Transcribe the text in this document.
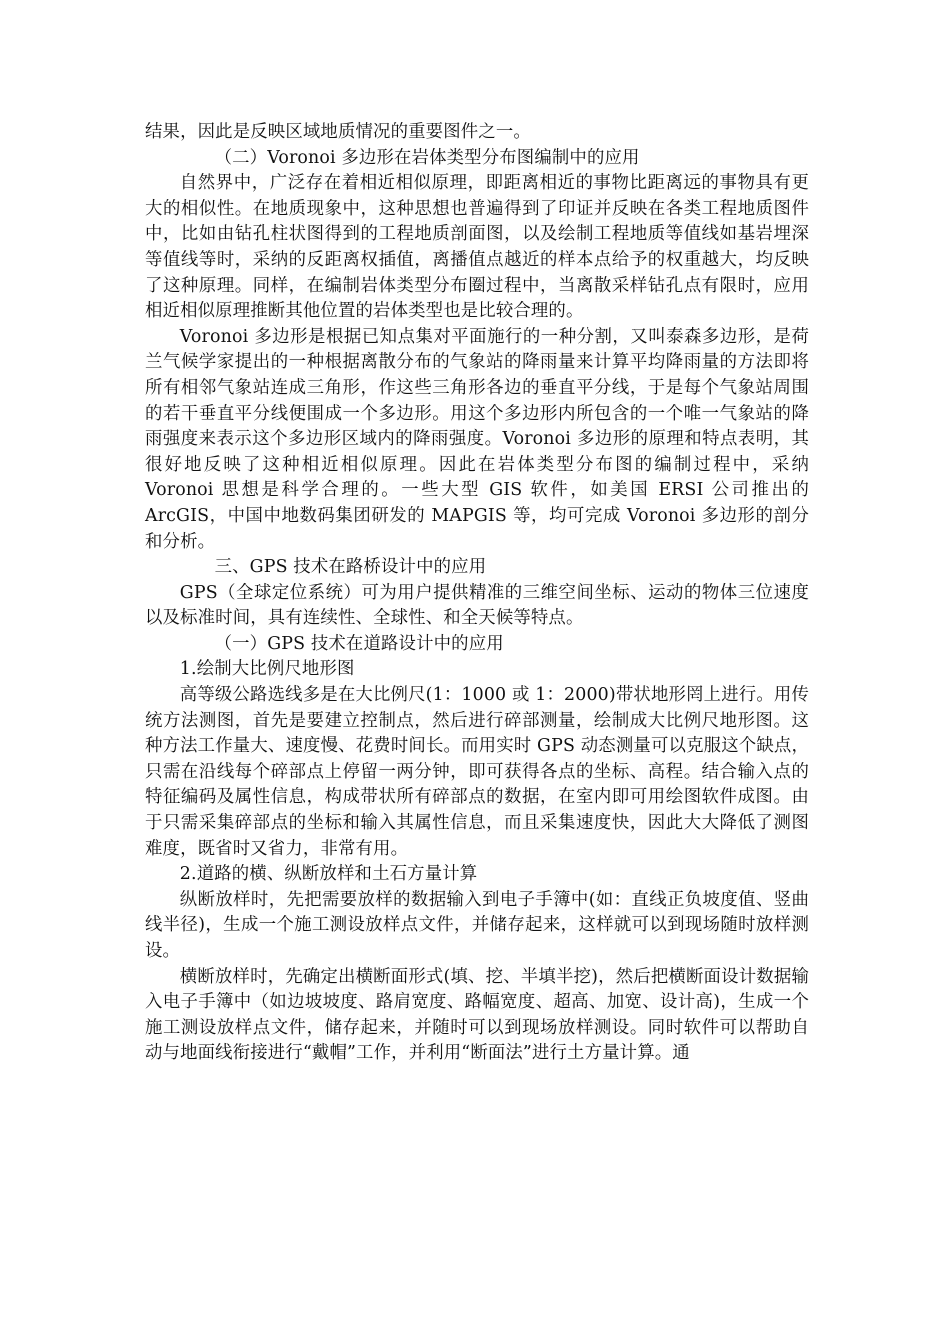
结果，因此是反映区域地质情况的重要图件之一。

（二）Voronoi 多边形在岩体类型分布图编制中的应用

自然界中，广泛存在着相近相似原理，即距离相近的事物比距离远的事物具有更大的相似性。在地质现象中，这种思想也普遍得到了印证并反映在各类工程地质图件中，比如由钻孔柱状图得到的工程地质剖面图，以及绘制工程地质等值线如基岩埋深等值线等时，采纳的反距离权插值，离播值点越近的样本点给予的权重越大，均反映了这种原理。同样，在编制岩体类型分布圈过程中，当离散采样钻孔点有限时，应用相近相似原理推断其他位置的岩体类型也是比较合理的。

Voronoi 多边形是根据已知点集对平面施行的一种分割，又叫泰森多边形，是荷兰气候学家提出的一种根据离散分布的气象站的降雨量来计算平均降雨量的方法即将所有相邻气象站连成三角形，作这些三角形各边的垂直平分线，于是每个气象站周围的若干垂直平分线便围成一个多边形。用这个多边形内所包含的一个唯一气象站的降雨强度来表示这个多边形区域内的降雨强度。Voronoi 多边形的原理和特点表明，其很好地反映了这种相近相似原理。因此在岩体类型分布图的编制过程中，采纳 Voronoi 思想是科学合理的。一些大型 GIS 软件，如美国 ERSI 公司推出的 ArcGIS，中国中地数码集团研发的 MAPGIS 等，均可完成 Voronoi 多边形的剖分和分析。

三、GPS 技术在路桥设计中的应用

GPS（全球定位系统）可为用户提供精准的三维空间坐标、运动的物体三位速度以及标准时间，具有连续性、全球性、和全天候等特点。

（一）GPS 技术在道路设计中的应用

1.绘制大比例尺地形图

高等级公路选线多是在大比例尺(1：1000 或 1：2000)带状地形罔上进行。用传统方法测图，首先是要建立控制点，然后进行碎部测量，绘制成大比例尺地形图。这种方法工作量大、速度慢、花费时间长。而用实时 GPS 动态测量可以克服这个缺点，只需在沿线每个碎部点上停留一两分钟，即可获得各点的坐标、高程。结合输入点的特征编码及属性信息，构成带状所有碎部点的数据，在室内即可用绘图软件成图。由于只需采集碎部点的坐标和输入其属性信息，而且采集速度快，因此大大降低了测图难度，既省时又省力，非常有用。

2.道路的横、纵断放样和土石方量计算

纵断放样时，先把需要放样的数据输入到电子手簿中(如：直线正负坡度值、竖曲线半径)，生成一个施工测设放样点文件，并储存起来，这样就可以到现场随时放样测设。

横断放样时，先确定出横断面形式(填、挖、半填半挖)，然后把横断面设计数据输入电子手簿中（如边坡坡度、路肩宽度、路幅宽度、超高、加宽、设计高)，生成一个施工测设放样点文件，储存起来，并随时可以到现场放样测设。同时软件可以帮助自动与地面线衔接进行“戴帽”工作，并利用“断面法”进行土方量计算。通
